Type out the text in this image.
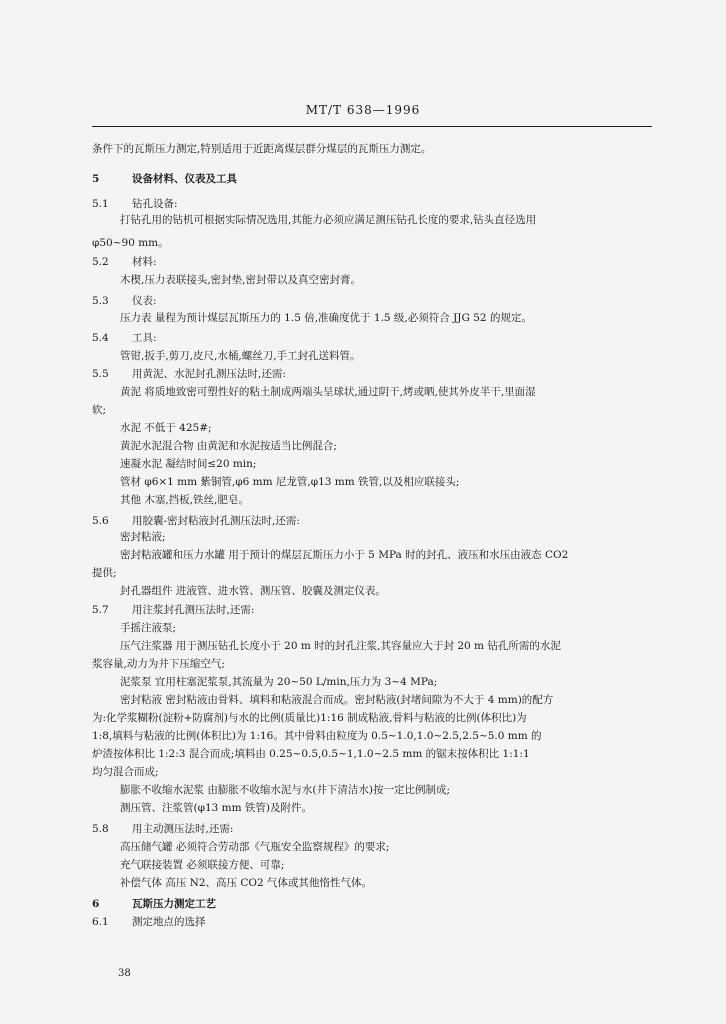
MT/T 638—1996
条件下的瓦斯压力测定,特别适用于近距离煤层群分煤层的瓦斯压力测定。
5	设备材料、仪表及工具
5.1 钻孔设备:
打钻孔用的钻机可根据实际情况选用,其能力必须应满足测压钻孔长度的要求,钻头直径选用
φ50~90 mm。
5.2 材料:
木楔,压力表联接头,密封垫,密封带以及真空密封膏。
5.3 仪表:
压力表 量程为预计煤层瓦斯压力的 1.5 倍,准确度优于 1.5 级,必须符合 JJG 52 的规定。
5.4 工具:
管钳,扳手,剪刀,皮尺,水桶,螺丝刀,手工封孔送料管。
5.5 用黄泥、水泥封孔测压法时,还需:
黄泥 将质地致密可塑性好的粘土制成两端头呈球状,通过阴干,烤或晒,使其外皮半干,里面湿
软;
水泥 不低于 425#;
黄泥水泥混合物 由黄泥和水泥按适当比例混合;
速凝水泥 凝结时间≤20 min;
管材 φ6×1 mm 紫铜管,φ6 mm 尼龙管,φ13 mm 铁管,以及相应联接头;
其他 木塞,挡板,铁丝,肥皂。
5.6 用胶囊-密封粘液封孔测压法时,还需:
密封粘液;
密封粘液罐和压力水罐 用于预计的煤层瓦斯压力小于 5 MPa 时的封孔、液压和水压由液态 CO2
提供;
封孔器组件 进液管、进水管、测压管、胶囊及测定仪表。
5.7 用注浆封孔测压法时,还需:
手摇注液泵;
压气注浆器 用于测压钻孔长度小于 20 m 时的封孔注浆,其容量应大于封 20 m 钻孔所需的水泥
浆容量,动力为井下压缩空气;
泥浆泵 宜用柱塞泥浆泵,其流量为 20~50 L/min,压力为 3~4 MPa;
密封粘液 密封粘液由骨料、填料和粘液混合而成。密封粘液(封堵间隙为不大于 4 mm)的配方
为:化学浆糊粉(淀粉+防腐剂)与水的比例(质量比)1:16 制成粘液,骨料与粘液的比例(体积比)为
1:8,填料与粘液的比例(体积比)为 1:16。其中骨料由粒度为 0.5~1.0,1.0~2.5,2.5~5.0 mm 的
炉渣按体积比 1:2:3 混合而成;填料由 0.25~0.5,0.5~1,1.0~2.5 mm 的锯末按体积比 1:1:1
均匀混合而成;
膨胀不收缩水泥浆 由膨胀不收缩水泥与水(井下清洁水)按一定比例制成;
测压管、注浆管(φ13 mm 铁管)及附件。
5.8 用主动测压法时,还需:
高压储气罐 必须符合劳动部《气瓶安全监察规程》的要求;
充气联接装置 必须联接方便、可靠;
补偿气体 高压 N2、高压 CO2 气体或其他惰性气体。
6	瓦斯压力测定工艺
6.1 测定地点的选择
38
